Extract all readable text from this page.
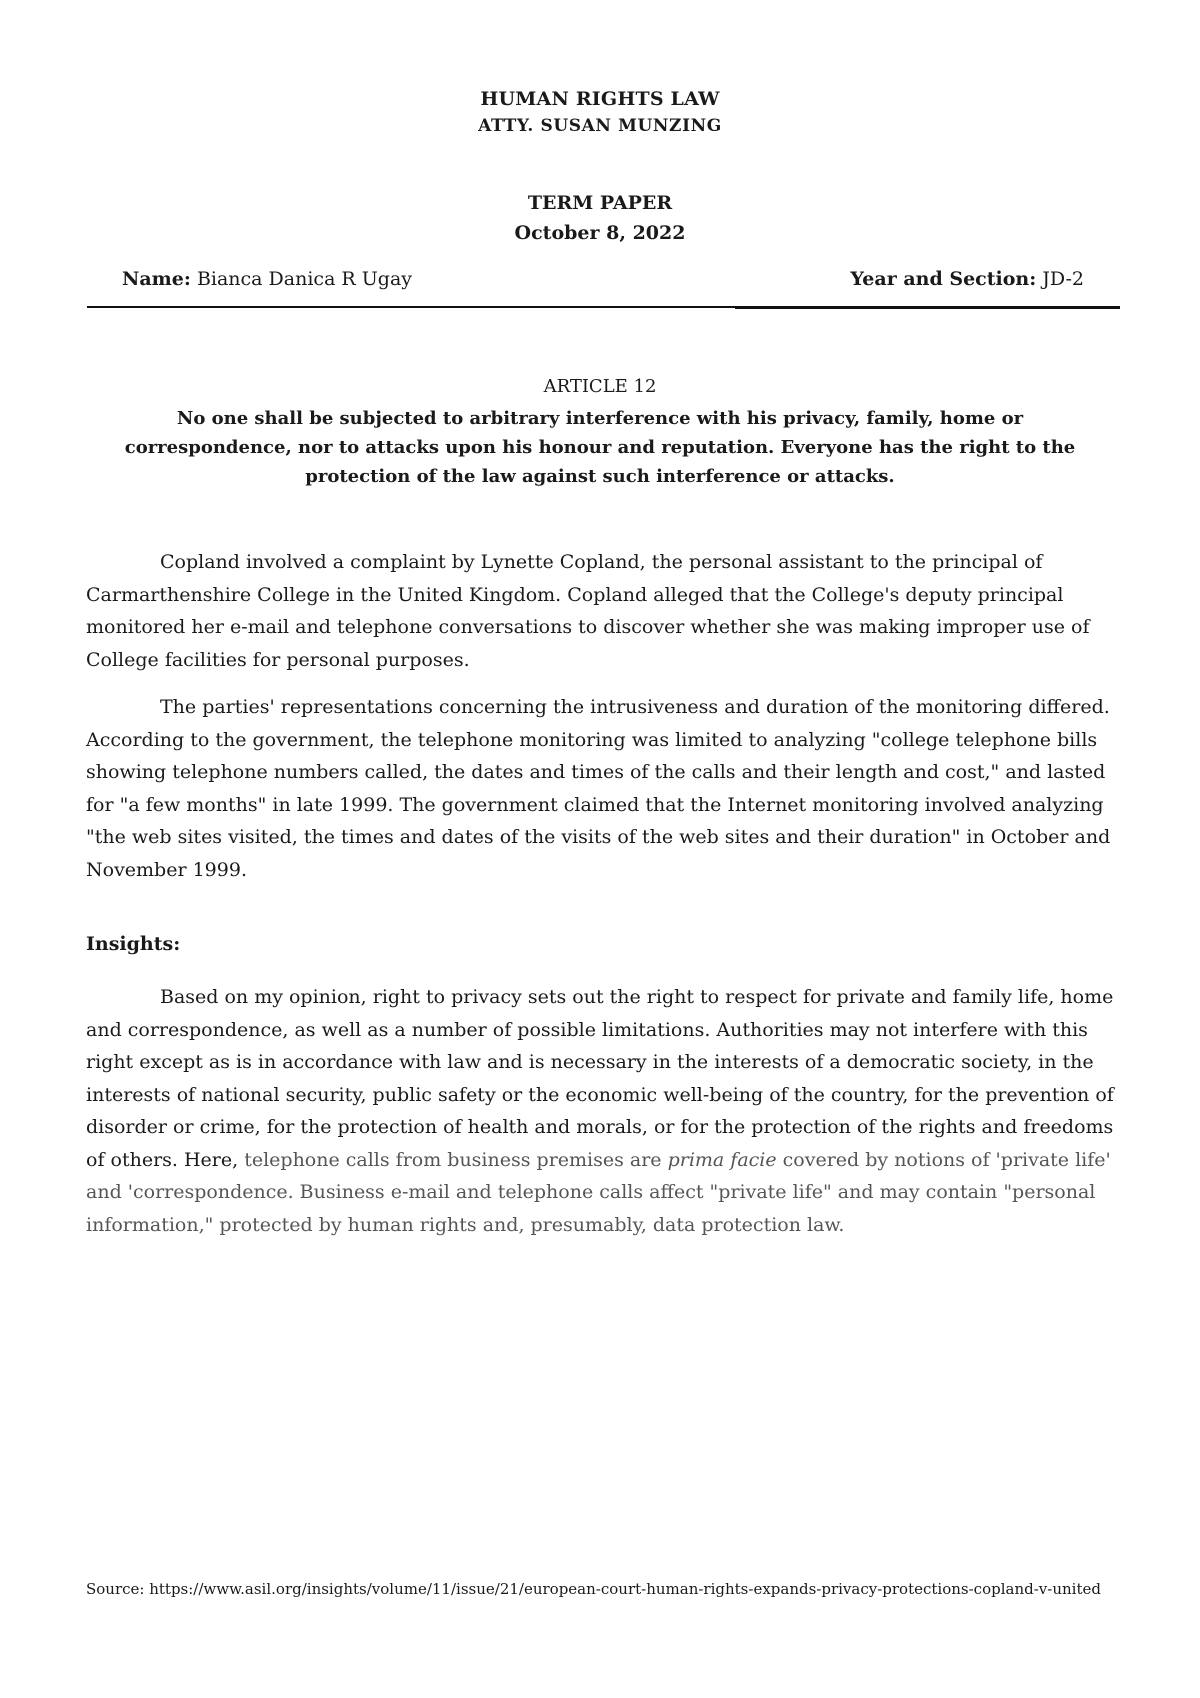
HUMAN RIGHTS LAW
ATTY. SUSAN MUNZING
TERM PAPER
October 8, 2022
Name: Bianca Danica R Ugay	Year and Section: JD-2
ARTICLE 12
No one shall be subjected to arbitrary interference with his privacy, family, home or correspondence, nor to attacks upon his honour and reputation. Everyone has the right to the protection of the law against such interference or attacks.

Copland involved a complaint by Lynette Copland, the personal assistant to the principal of Carmarthenshire College in the United Kingdom. Copland alleged that the College's deputy principal monitored her e-mail and telephone conversations to discover whether she was making improper use of College facilities for personal purposes.

The parties' representations concerning the intrusiveness and duration of the monitoring differed. According to the government, the telephone monitoring was limited to analyzing "college telephone bills showing telephone numbers called, the dates and times of the calls and their length and cost," and lasted for "a few months" in late 1999. The government claimed that the Internet monitoring involved analyzing "the web sites visited, the times and dates of the visits of the web sites and their duration" in October and November 1999.

Insights:

Based on my opinion, right to privacy sets out the right to respect for private and family life, home and correspondence, as well as a number of possible limitations. Authorities may not interfere with this right except as is in accordance with law and is necessary in the interests of a democratic society, in the interests of national security, public safety or the economic well-being of the country, for the prevention of disorder or crime, for the protection of health and morals, or for the protection of the rights and freedoms of others. Here, telephone calls from business premises are prima facie covered by notions of 'private life' and 'correspondence. Business e-mail and telephone calls affect "private life" and may contain "personal information," protected by human rights and, presumably, data protection law.

Source: https://www.asil.org/insights/volume/11/issue/21/european-court-human-rights-expands-privacy-protections-copland-v-united
